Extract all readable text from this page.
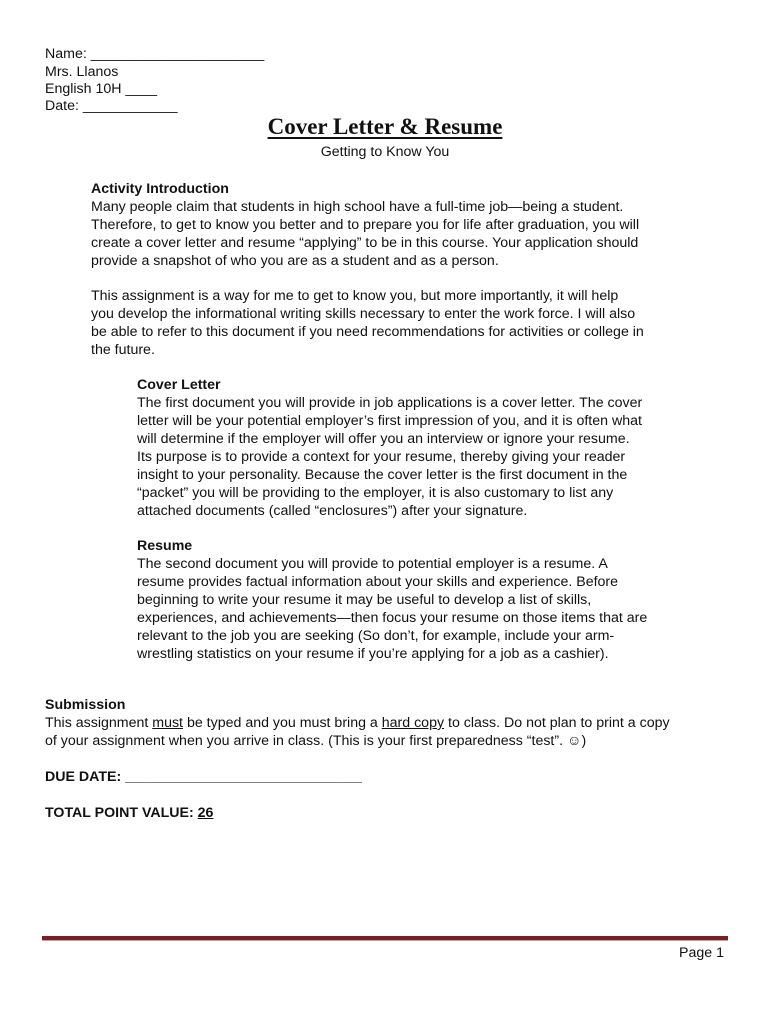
Name: ______________________
Mrs. Llanos
English 10H ____
Date: ____________
Cover Letter & Resume
Getting to Know You
Activity Introduction
Many people claim that students in high school have a full-time job—being a student.
Therefore, to get to know you better and to prepare you for life after graduation, you will
create a cover letter and resume “applying” to be in this course. Your application should
provide a snapshot of who you are as a student and as a person.
This assignment is a way for me to get to know you, but more importantly, it will help
you develop the informational writing skills necessary to enter the work force. I will also
be able to refer to this document if you need recommendations for activities or college in
the future.
Cover Letter
The first document you will provide in job applications is a cover letter. The cover
letter will be your potential employer’s first impression of you, and it is often what
will determine if the employer will offer you an interview or ignore your resume.
Its purpose is to provide a context for your resume, thereby giving your reader
insight to your personality. Because the cover letter is the first document in the
“packet” you will be providing to the employer, it is also customary to list any
attached documents (called “enclosures”) after your signature.
Resume
The second document you will provide to potential employer is a resume. A
resume provides factual information about your skills and experience. Before
beginning to write your resume it may be useful to develop a list of skills,
experiences, and achievements—then focus your resume on those items that are
relevant to the job you are seeking (So don’t, for example, include your arm-
wrestling statistics on your resume if you’re applying for a job as a cashier).
Submission
This assignment must be typed and you must bring a hard copy to class. Do not plan to print a copy
of your assignment when you arrive in class. (This is your first preparedness “test”. ☺)
DUE DATE: ______________________________
TOTAL POINT VALUE: 26
Page 1
